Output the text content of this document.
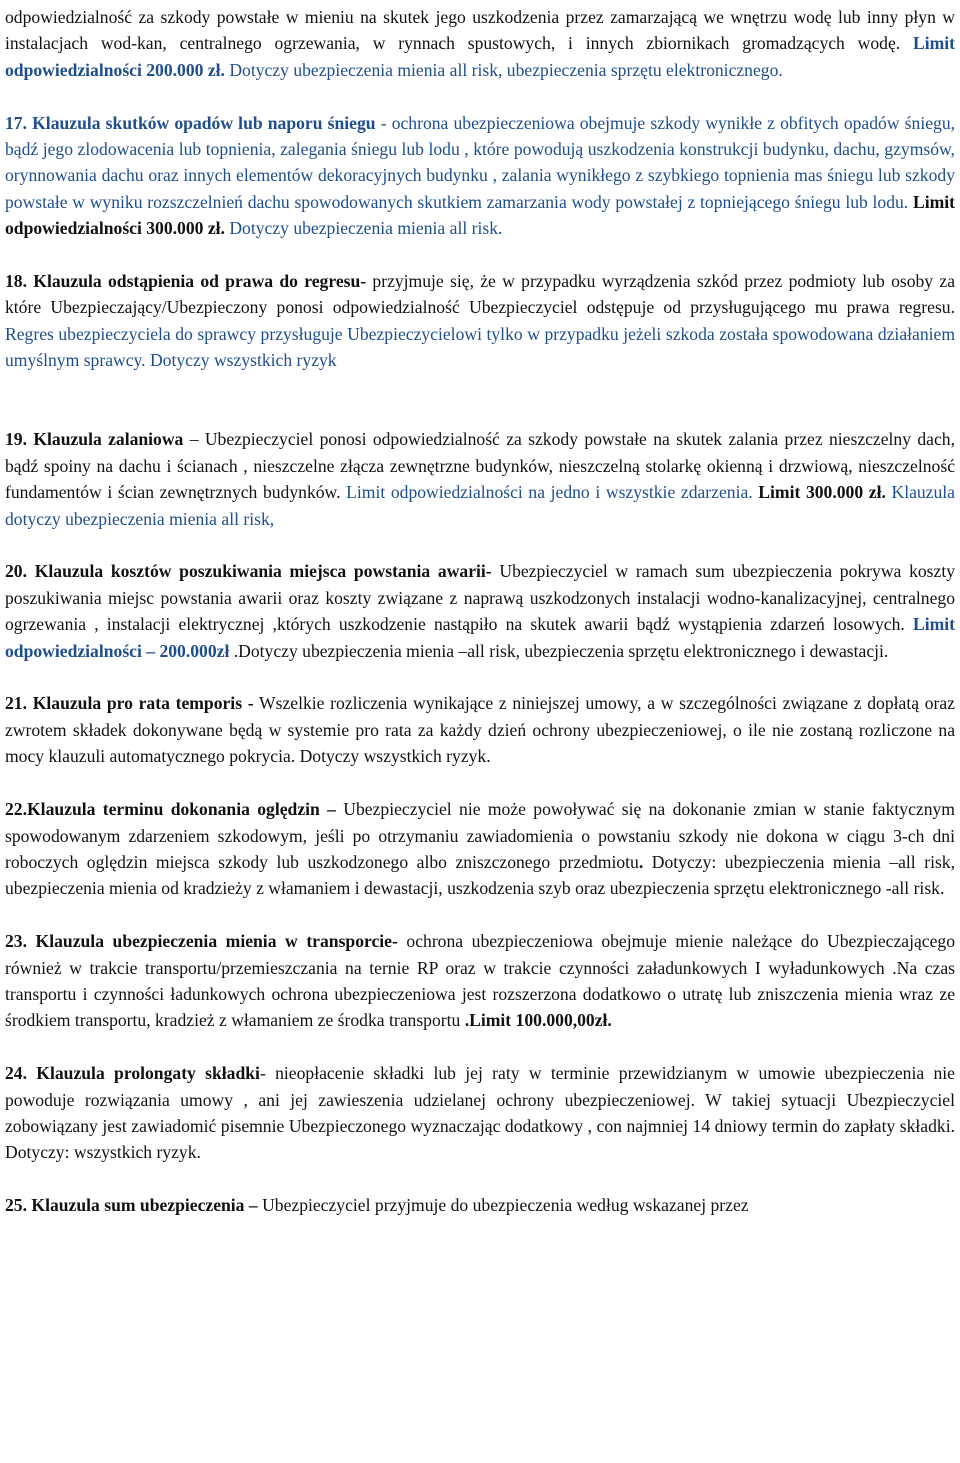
odpowiedzialność za szkody powstałe w mieniu na skutek jego uszkodzenia przez zamarzającą we wnętrzu wodę lub inny płyn w instalacjach wod-kan, centralnego ogrzewania, w rynnach spustowych, i innych zbiornikach gromadzących wodę. Limit odpowiedzialności 200.000 zł. Dotyczy ubezpieczenia mienia all risk, ubezpieczenia sprzętu elektronicznego.

17. Klauzula skutków opadów lub naporu śniegu - ochrona ubezpieczeniowa obejmuje szkody wynikłe z obfitych opadów śniegu, bądź jego zlodowacenia lub topnienia, zalegania śniegu lub lodu , które powodują uszkodzenia konstrukcji budynku, dachu, gzymsów, orynnowania dachu oraz innych elementów dekoracyjnych budynku , zalania wynikłego z szybkiego topnienia mas śniegu lub szkody powstałe w wyniku rozszczelnień dachu spowodowanych skutkiem zamarzania wody powstałej z topniejącego śniegu lub lodu. Limit odpowiedzialności 300.000 zł. Dotyczy ubezpieczenia mienia all risk.

18. Klauzula odstąpienia od prawa do regresu- przyjmuje się, że w przypadku wyrządzenia szkód przez podmioty lub osoby za które Ubezpieczający/Ubezpieczony ponosi odpowiedzialność Ubezpieczyciel odstępuje od przysługującego mu prawa regresu. Regres ubezpieczyciela do sprawcy przysługuje Ubezpieczycielowi tylko w przypadku jeżeli szkoda została spowodowana działaniem umyślnym sprawcy. Dotyczy wszystkich ryzyk

19. Klauzula zalaniowa – Ubezpieczyciel ponosi odpowiedzialność za szkody powstałe na skutek zalania przez nieszczelny dach, bądź spoiny na dachu i ścianach , nieszczelne złącza zewnętrzne budynków, nieszczelną stolarkę okienną i drzwiową, nieszczelność fundamentów i ścian zewnętrznych budynków. Limit odpowiedzialności na jedno i wszystkie zdarzenia. Limit 300.000 zł. Klauzula dotyczy ubezpieczenia mienia all risk,

20. Klauzula kosztów poszukiwania miejsca powstania awarii- Ubezpieczyciel w ramach sum ubezpieczenia pokrywa koszty poszukiwania miejsc powstania awarii oraz koszty związane z naprawą uszkodzonych instalacji wodno-kanalizacyjnej, centralnego ogrzewania , instalacji elektrycznej ,których uszkodzenie nastąpiło na skutek awarii bądź wystąpienia zdarzeń losowych. Limit odpowiedzialności – 200.000zł .Dotyczy ubezpieczenia mienia –all risk, ubezpieczenia sprzętu elektronicznego i dewastacji.

21. Klauzula pro rata temporis - Wszelkie rozliczenia wynikające z niniejszej umowy, a w szczególności związane z dopłatą oraz zwrotem składek dokonywane będą w systemie pro rata za każdy dzień ochrony ubezpieczeniowej, o ile nie zostaną rozliczone na mocy klauzuli automatycznego pokrycia. Dotyczy wszystkich ryzyk.

22.Klauzula terminu dokonania oględzin – Ubezpieczyciel nie może powoływać się na dokonanie zmian w stanie faktycznym spowodowanym zdarzeniem szkodowym, jeśli po otrzymaniu zawiadomienia o powstaniu szkody nie dokona w ciągu 3-ch dni roboczych oględzin miejsca szkody lub uszkodzonego albo zniszczonego przedmiotu. Dotyczy: ubezpieczenia mienia –all risk, ubezpieczenia mienia od kradzieży z włamaniem i dewastacji, uszkodzenia szyb oraz ubezpieczenia sprzętu elektronicznego -all risk.

23. Klauzula ubezpieczenia mienia w transporcie- ochrona ubezpieczeniowa obejmuje mienie należące do Ubezpieczającego również w trakcie transportu/przemieszczania na ternie RP oraz w trakcie czynności załadunkowych I wyładunkowych .Na czas transportu i czynności ładunkowych ochrona ubezpieczeniowa jest rozszerzona dodatkowo o utratę lub zniszczenia mienia wraz ze środkiem transportu, kradzież z włamaniem ze środka transportu .Limit 100.000,00zł.

24. Klauzula prolongaty składki- nieopłacenie składki lub jej raty w terminie przewidzianym w umowie ubezpieczenia nie powoduje rozwiązania umowy , ani jej zawieszenia udzielanej ochrony ubezpieczeniowej. W takiej sytuacji Ubezpieczyciel zobowiązany jest zawiadomić pisemnie Ubezpieczonego wyznaczając dodatkowy , con najmniej 14 dniowy termin do zapłaty składki. Dotyczy: wszystkich ryzyk.

25. Klauzula sum ubezpieczenia – Ubezpieczyciel przyjmuje do ubezpieczenia według wskazanej przez
